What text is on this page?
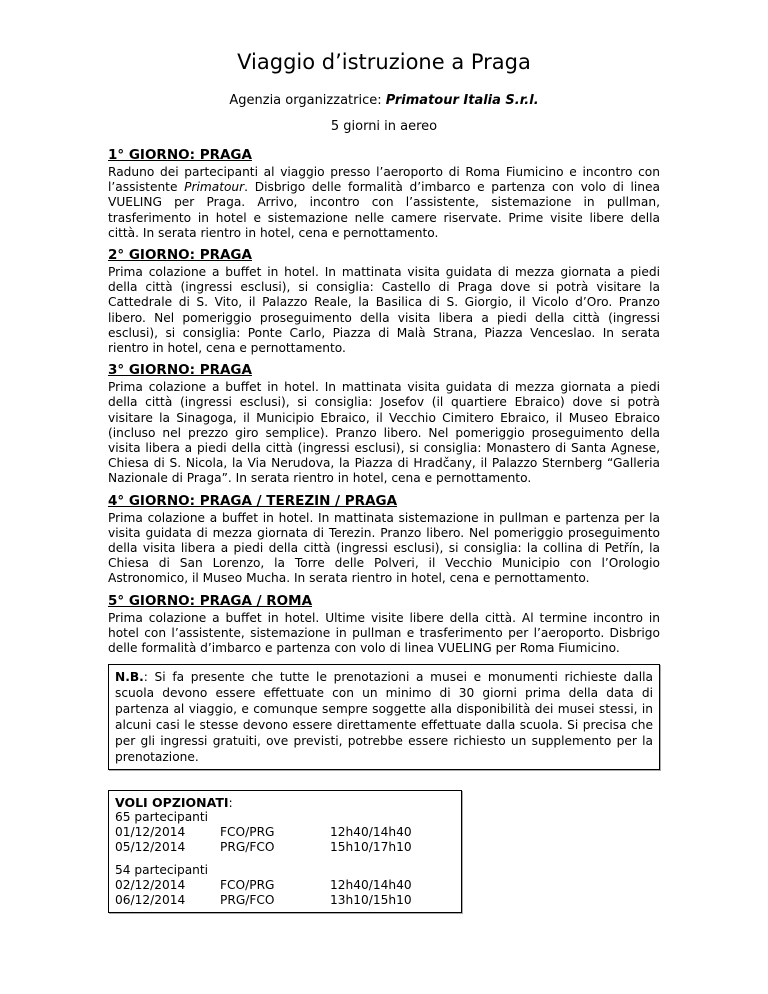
Viaggio d’istruzione a Praga

Agenzia organizzatrice: Primatour Italia S.r.l.

5 giorni in aereo

1° GIORNO: PRAGA

Raduno dei partecipanti al viaggio presso l’aeroporto di Roma Fiumicino e incontro con l’assistente Primatour. Disbrigo delle formalità d’imbarco e partenza con volo di linea VUELING per Praga. Arrivo, incontro con l’assistente, sistemazione in pullman, trasferimento in hotel e sistemazione nelle camere riservate. Prime visite libere della città. In serata rientro in hotel, cena e pernottamento.

2° GIORNO: PRAGA

Prima colazione a buffet in hotel. In mattinata visita guidata di mezza giornata a piedi della città (ingressi esclusi), si consiglia: Castello di Praga dove si potrà visitare la Cattedrale di S. Vito, il Palazzo Reale, la Basilica di S. Giorgio, il Vicolo d’Oro. Pranzo libero. Nel pomeriggio proseguimento della visita libera a piedi della città (ingressi esclusi), si consiglia: Ponte Carlo, Piazza di Malà Strana, Piazza Venceslao. In serata rientro in hotel, cena e pernottamento.

3° GIORNO: PRAGA

Prima colazione a buffet in hotel. In mattinata visita guidata di mezza giornata a piedi della città (ingressi esclusi), si consiglia: Josefov (il quartiere Ebraico) dove si potrà visitare la Sinagoga, il Municipio Ebraico, il Vecchio Cimitero Ebraico, il Museo Ebraico (incluso nel prezzo giro semplice). Pranzo libero. Nel pomeriggio proseguimento della visita libera a piedi della città (ingressi esclusi), si consiglia: Monastero di Santa Agnese, Chiesa di S. Nicola, la Via Nerudova, la Piazza di Hradčany, il Palazzo Sternberg “Galleria Nazionale di Praga”. In serata rientro in hotel, cena e pernottamento.

4° GIORNO: PRAGA / TEREZIN / PRAGA

Prima colazione a buffet in hotel. In mattinata sistemazione in pullman e partenza per la visita guidata di mezza giornata di Terezin. Pranzo libero. Nel pomeriggio proseguimento della visita libera a piedi della città (ingressi esclusi), si consiglia: la collina di Petřín, la Chiesa di San Lorenzo, la Torre delle Polveri, il Vecchio Municipio con l’Orologio Astronomico, il Museo Mucha. In serata rientro in hotel, cena e pernottamento.

5° GIORNO: PRAGA / ROMA

Prima colazione a buffet in hotel. Ultime visite libere della città. Al termine incontro in hotel con l’assistente, sistemazione in pullman e trasferimento per l’aeroporto. Disbrigo delle formalità d’imbarco e partenza con volo di linea VUELING per Roma Fiumicino.

N.B.: Si fa presente che tutte le prenotazioni a musei e monumenti richieste dalla scuola devono essere effettuate con un minimo di 30 giorni prima della data di partenza al viaggio, e comunque sempre soggette alla disponibilità dei musei stessi, in alcuni casi le stesse devono essere direttamente effettuate dalla scuola. Si precisa che per gli ingressi gratuiti, ove previsti, potrebbe essere richiesto un supplemento per la prenotazione.

VOLI OPZIONATI:

65 partecipanti

01/12/2014	FCO/PRG	12h40/14h40
05/12/2014	PRG/FCO	15h10/17h10

54 partecipanti

02/12/2014	FCO/PRG	12h40/14h40
06/12/2014	PRG/FCO	13h10/15h10
